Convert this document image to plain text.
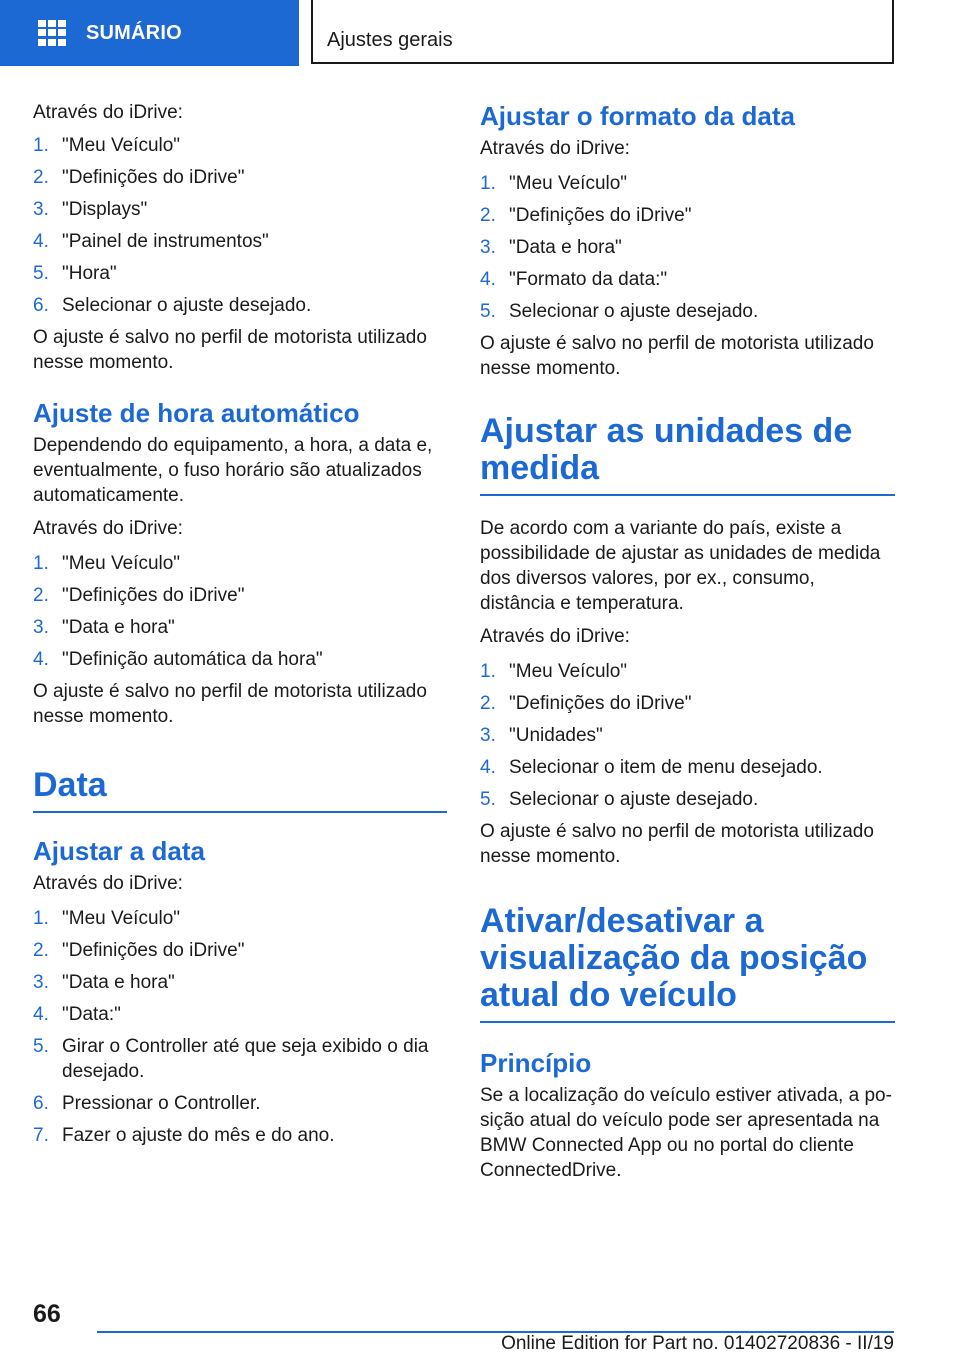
SUMÁRIO	Ajustes gerais

Através do iDrive:

1. "Meu Veículo"
2. "Definições do iDrive"
3. "Displays"
4. "Painel de instrumentos"
5. "Hora"
6. Selecionar o ajuste desejado.

O ajuste é salvo no perfil de motorista utilizado nesse momento.

Ajuste de hora automático

Dependendo do equipamento, a hora, a data e, eventualmente, o fuso horário são atualizados automaticamente.

Através do iDrive:

1. "Meu Veículo"
2. "Definições do iDrive"
3. "Data e hora"
4. "Definição automática da hora"

O ajuste é salvo no perfil de motorista utilizado nesse momento.

Data
Ajustar a data

Através do iDrive:

1. "Meu Veículo"
2. "Definições do iDrive"
3. "Data e hora"
4. "Data:"
5. Girar o Controller até que seja exibido o dia desejado.
6. Pressionar o Controller.
7. Fazer o ajuste do mês e do ano.
Ajustar o formato da data

Através do iDrive:

1. "Meu Veículo"
2. "Definições do iDrive"
3. "Data e hora"
4. "Formato da data:"
5. Selecionar o ajuste desejado.

O ajuste é salvo no perfil de motorista utilizado nesse momento.

Ajustar as unidades de medida

De acordo com a variante do país, existe a possibilidade de ajustar as unidades de medida dos diversos valores, por ex., consumo, distância e temperatura.

Através do iDrive:

1. "Meu Veículo"
2. "Definições do iDrive"
3. "Unidades"
4. Selecionar o item de menu desejado.
5. Selecionar o ajuste desejado.

O ajuste é salvo no perfil de motorista utilizado nesse momento.

Ativar/desativar a visualização da posição atual do veículo
Princípio

Se a localização do veículo estiver ativada, a posição atual do veículo pode ser apresentada na BMW Connected App ou no portal do cliente ConnectedDrive.

66
Online Edition for Part no. 01402720836 - II/19
